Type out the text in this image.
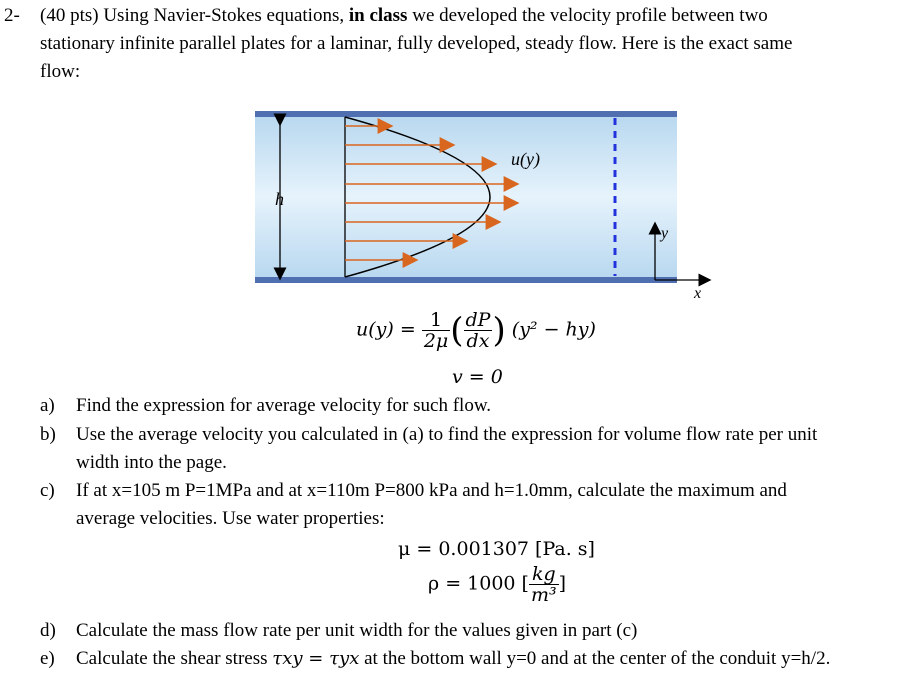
2- (40 pts) Using Navier-Stokes equations, in class we developed the velocity profile between two
stationary infinite parallel plates for a laminar, fully developed, steady flow. Here is the exact same
flow:
h
u(y)
y
x
$u(y) = \frac{1}{2\mu}$ ( $\frac{dP}{dx}$ ) (y² − hy)
v = 0
a) Find the expression for average velocity for such flow.
b) Use the average velocity you calculated in (a) to find the expression for volume flow rate per unit
width into the page.
c) If at x=105 m P=1MPa and at x=110m P=800 kPa and h=1.0mm, calculate the maximum and
average velocities. Use water properties:
μ = 0.001307 [Pa. s]
ρ = 1000 [ $\frac{kg}{\text{m³}}$ ]
d) Calculate the mass flow rate per unit width for the values given in part (c)
e) Calculate the shear stress τxy = τyx at the bottom wall y=0 and at the center of the conduit y=h/2.
